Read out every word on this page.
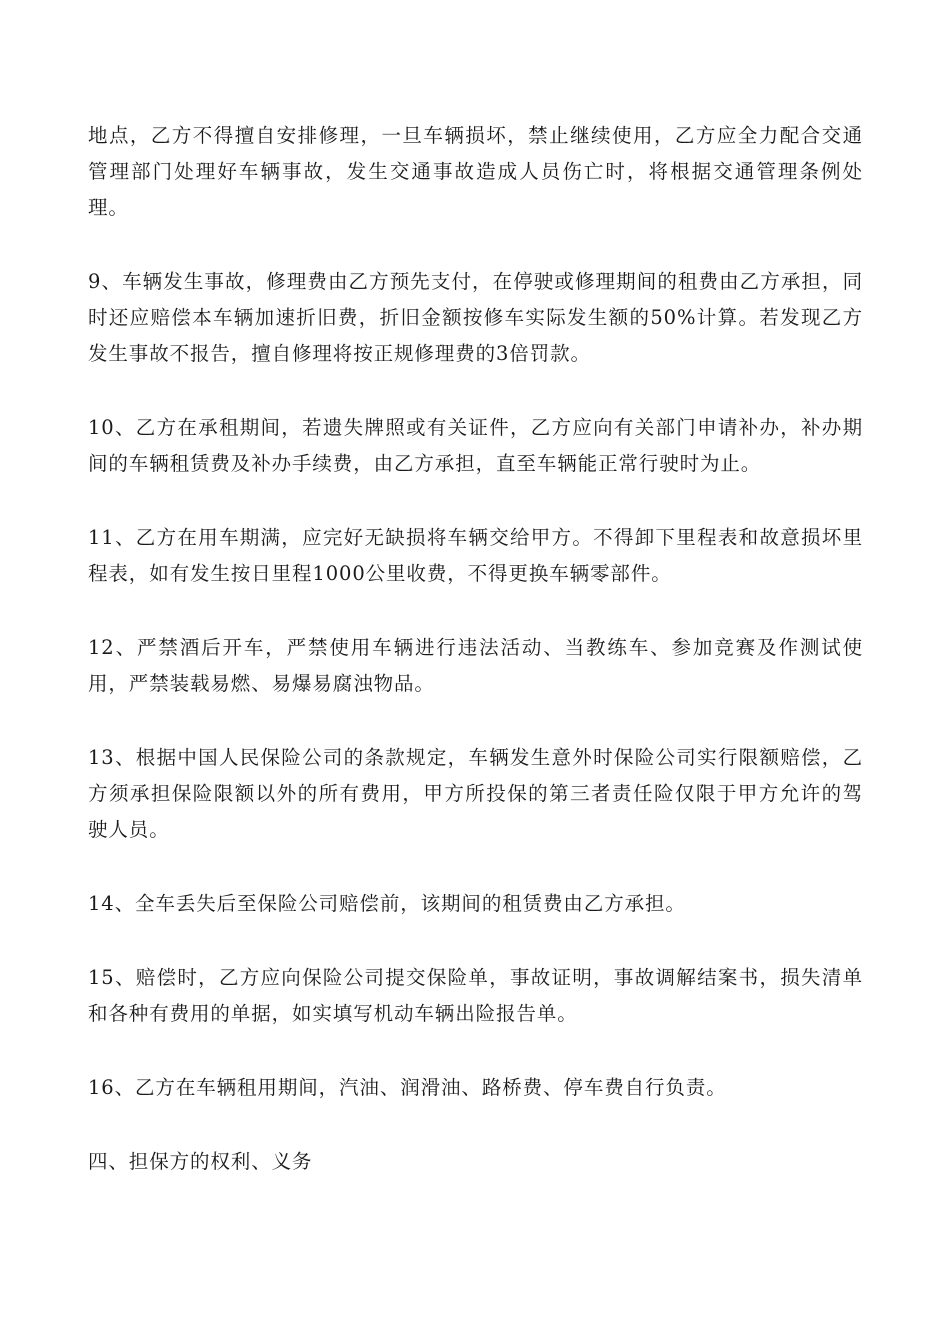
地点，乙方不得擅自安排修理，一旦车辆损坏，禁止继续使用，乙方应全力配合交通管理部门处理好车辆事故，发生交通事故造成人员伤亡时，将根据交通管理条例处理。

9、车辆发生事故，修理费由乙方预先支付，在停驶或修理期间的租费由乙方承担，同时还应赔偿本车辆加速折旧费，折旧金额按修车实际发生额的50%计算。若发现乙方发生事故不报告，擅自修理将按正规修理费的3倍罚款。

10、乙方在承租期间，若遗失牌照或有关证件，乙方应向有关部门申请补办，补办期间的车辆租赁费及补办手续费，由乙方承担，直至车辆能正常行驶时为止。

11、乙方在用车期满，应完好无缺损将车辆交给甲方。不得卸下里程表和故意损坏里程表，如有发生按日里程1000公里收费，不得更换车辆零部件。

12、严禁酒后开车，严禁使用车辆进行违法活动、当教练车、参加竞赛及作测试使用，严禁装载易燃、易爆易腐浊物品。

13、根据中国人民保险公司的条款规定，车辆发生意外时保险公司实行限额赔偿，乙方须承担保险限额以外的所有费用，甲方所投保的第三者责任险仅限于甲方允许的驾驶人员。

14、全车丢失后至保险公司赔偿前，该期间的租赁费由乙方承担。

15、赔偿时，乙方应向保险公司提交保险单，事故证明，事故调解结案书，损失清单和各种有费用的单据，如实填写机动车辆出险报告单。

16、乙方在车辆租用期间，汽油、润滑油、路桥费、停车费自行负责。

四、担保方的权利、义务
